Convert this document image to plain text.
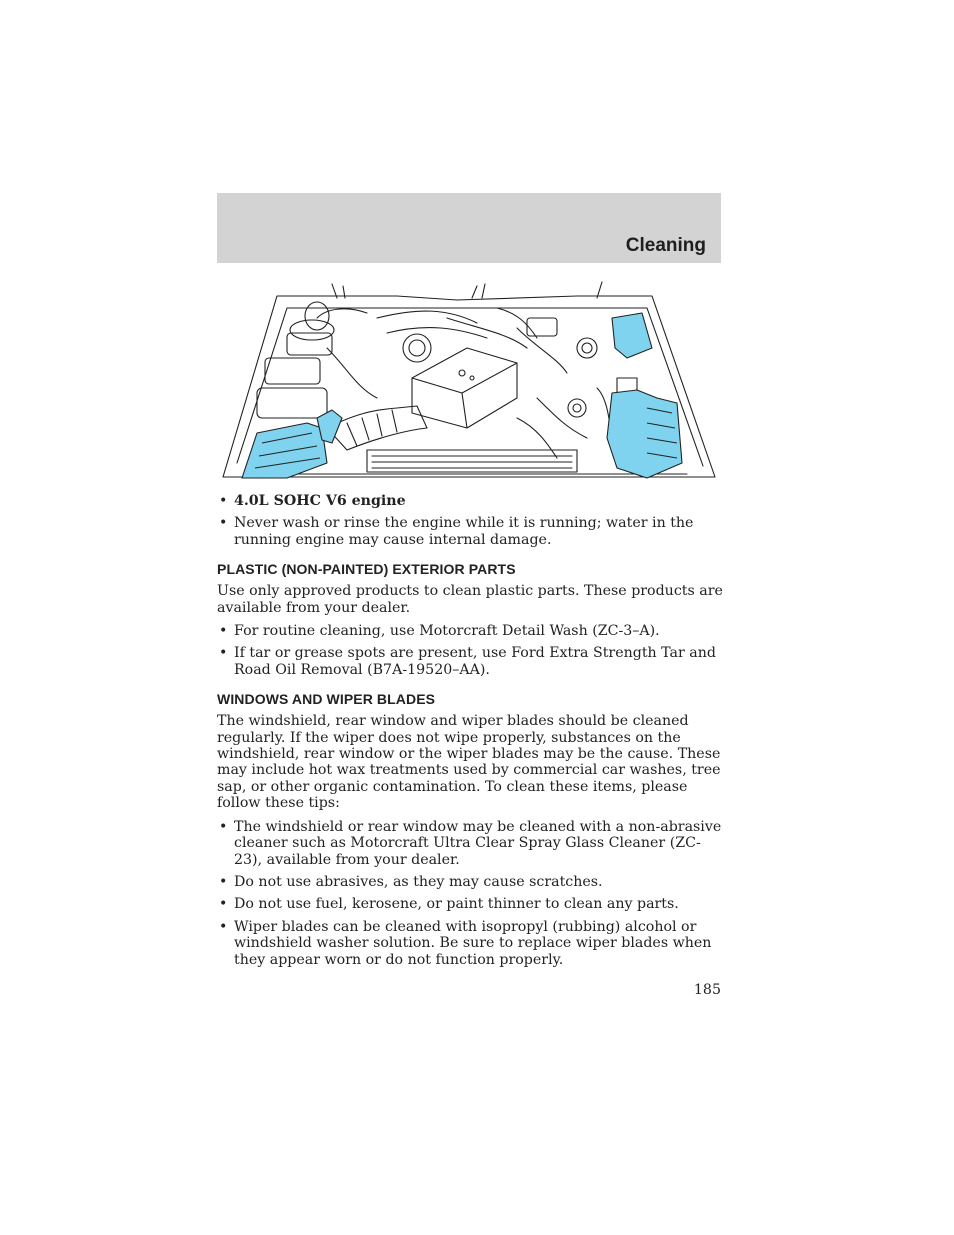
Cleaning
• 4.0L SOHC V6 engine
• Never wash or rinse the engine while it is running; water in the running engine may cause internal damage.
PLASTIC (NON-PAINTED) EXTERIOR PARTS

Use only approved products to clean plastic parts. These products are available from your dealer.

• For routine cleaning, use Motorcraft Detail Wash (ZC-3–A).
• If tar or grease spots are present, use Ford Extra Strength Tar and Road Oil Removal (B7A-19520–AA).
WINDOWS AND WIPER BLADES

The windshield, rear window and wiper blades should be cleaned regularly. If the wiper does not wipe properly, substances on the windshield, rear window or the wiper blades may be the cause. These may include hot wax treatments used by commercial car washes, tree sap, or other organic contamination. To clean these items, please follow these tips:

• The windshield or rear window may be cleaned with a non-abrasive cleaner such as Motorcraft Ultra Clear Spray Glass Cleaner (ZC-23), available from your dealer.
• Do not use abrasives, as they may cause scratches.
• Do not use fuel, kerosene, or paint thinner to clean any parts.
• Wiper blades can be cleaned with isopropyl (rubbing) alcohol or windshield washer solution. Be sure to replace wiper blades when they appear worn or do not function properly.
185
